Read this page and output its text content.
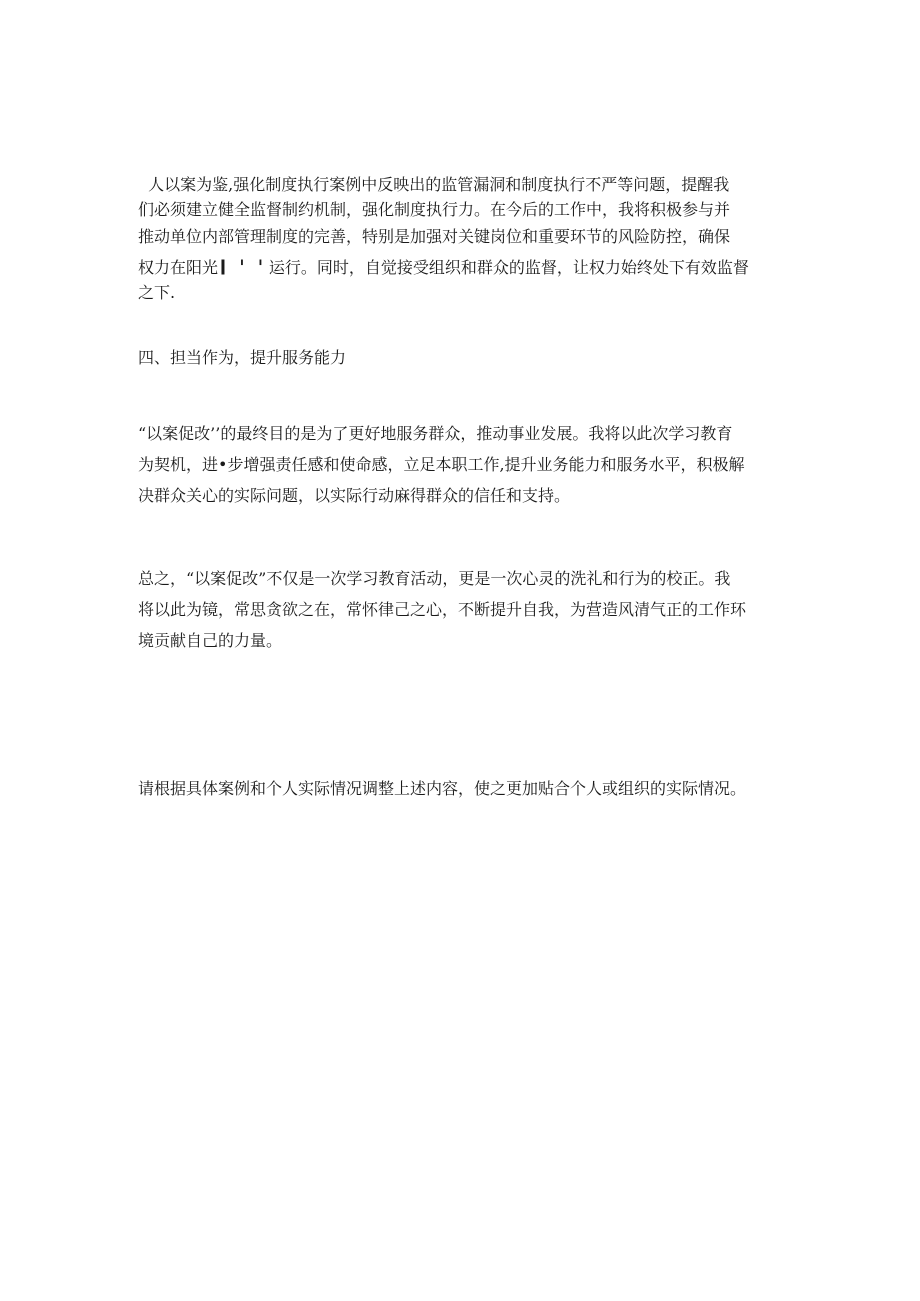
人以案为鉴,强化制度执行案例中反映出的监管漏洞和制度执行不严等问题，提醒我
们必须建立健全监督制约机制，强化制度执行力。在今后的工作中，我将积极参与并
推动单位内部管理制度的完善，特别是加强对关键岗位和重要环节的风险防控，确保
权力在阳光 I ' ' 运行。同时，自觉接受组织和群众的监督，让权力始终处下有效监督
之下.

四、担当作为，提升服务能力

“以案促改’’的最终目的是为了更好地服务群众，推动事业发展。我将以此次学习教育
为契机，进•步增强责任感和使命感，立足本职工作,提升业务能力和服务水平，积极解
决群众关心的实际问题，以实际行动麻得群众的信任和支持。

总之，“以案促改”不仅是一次学习教育活动，更是一次心灵的洗礼和行为的校正。我
将以此为镜，常思贪欲之在，常怀律己之心，不断提升自我，为营造风清气正的工作环
境贡献自己的力量。

请根据具体案例和个人实际情况调整上述内容，使之更加贴合个人或组织的实际情况。
